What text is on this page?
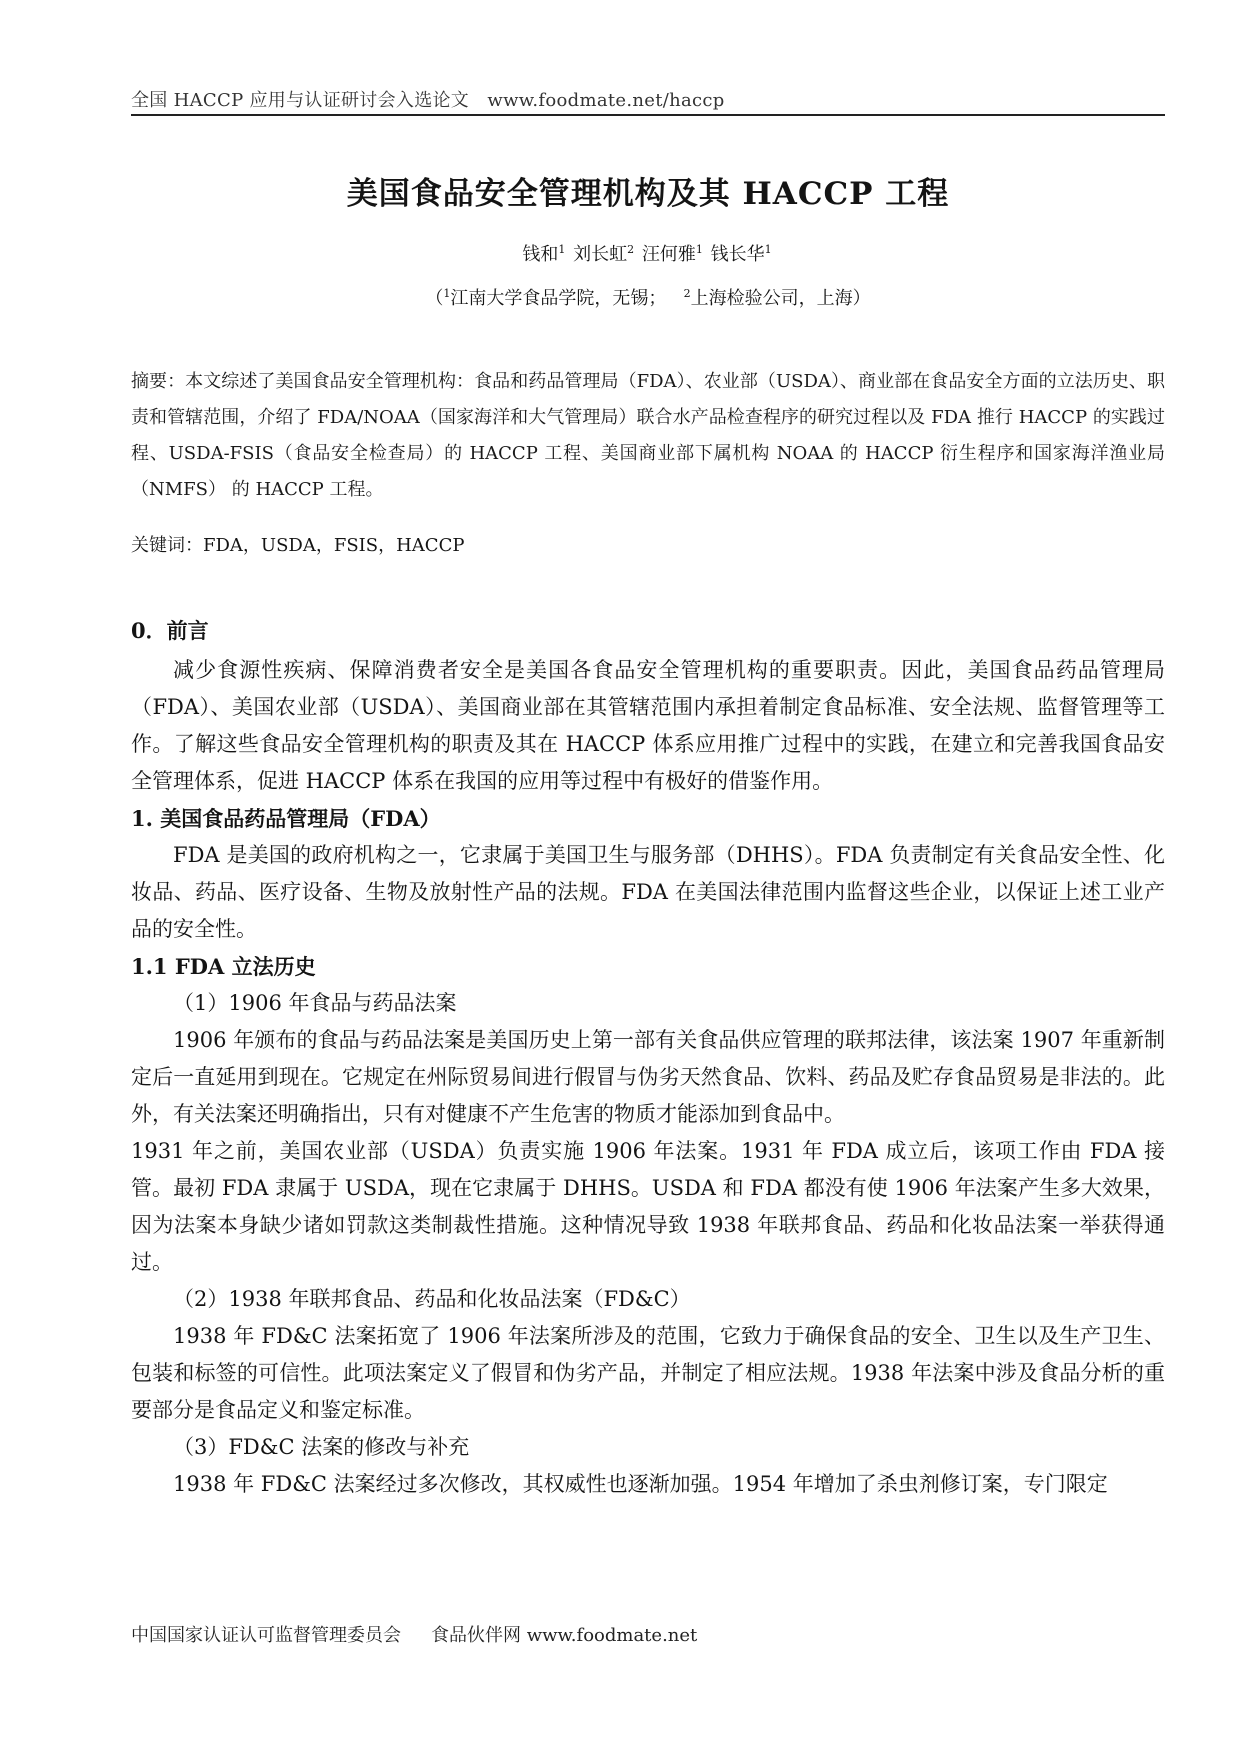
全国 HACCP 应用与认证研讨会入选论文　www.foodmate.net/haccp
美国食品安全管理机构及其 HACCP 工程
钱和$^1$ 刘长虹$^2$ 汪何雅$^1$ 钱长华$^1$
（$^1$江南大学食品学院，无锡； $^2$上海检验公司，上海）
摘要：本文综述了美国食品安全管理机构：食品和药品管理局（FDA）、农业部（USDA）、商业部在食品安全方面的立法历史、职责和管辖范围，介绍了 FDA/NOAA（国家海洋和大气管理局）联合水产品检查程序的研究过程以及 FDA 推行 HACCP 的实践过程、USDA-FSIS（食品安全检查局）的 HACCP 工程、美国商业部下属机构 NOAA 的 HACCP 衍生程序和国家海洋渔业局（NMFS） 的 HACCP 工程。
关键词：FDA，USDA，FSIS，HACCP

0．前言

减少食源性疾病、保障消费者安全是美国各食品安全管理机构的重要职责。因此，美国食品药品管理局（FDA）、美国农业部（USDA）、美国商业部在其管辖范围内承担着制定食品标准、安全法规、监督管理等工作。了解这些食品安全管理机构的职责及其在 HACCP 体系应用推广过程中的实践，在建立和完善我国食品安全管理体系，促进 HACCP 体系在我国的应用等过程中有极好的借鉴作用。

1. 美国食品药品管理局（FDA）

FDA 是美国的政府机构之一，它隶属于美国卫生与服务部（DHHS）。FDA 负责制定有关食品安全性、化妆品、药品、医疗设备、生物及放射性产品的法规。FDA 在美国法律范围内监督这些企业，以保证上述工业产品的安全性。

1.1 FDA 立法历史

（1）1906 年食品与药品法案

1906 年颁布的食品与药品法案是美国历史上第一部有关食品供应管理的联邦法律，该法案 1907 年重新制定后一直延用到现在。它规定在州际贸易间进行假冒与伪劣天然食品、饮料、药品及贮存食品贸易是非法的。此外，有关法案还明确指出，只有对健康不产生危害的物质才能添加到食品中。

1931 年之前，美国农业部（USDA）负责实施 1906 年法案。1931 年 FDA 成立后，该项工作由 FDA 接管。最初 FDA 隶属于 USDA，现在它隶属于 DHHS。USDA 和 FDA 都没有使 1906 年法案产生多大效果，因为法案本身缺少诸如罚款这类制裁性措施。这种情况导致 1938 年联邦食品、药品和化妆品法案一举获得通过。

（2）1938 年联邦食品、药品和化妆品法案（FD&C）

1938 年 FD&C 法案拓宽了 1906 年法案所涉及的范围，它致力于确保食品的安全、卫生以及生产卫生、包装和标签的可信性。此项法案定义了假冒和伪劣产品，并制定了相应法规。1938 年法案中涉及食品分析的重要部分是食品定义和鉴定标准。

（3）FD&C 法案的修改与补充

1938 年 FD&C 法案经过多次修改，其权威性也逐渐加强。1954 年增加了杀虫剂修订案，专门限定

中国国家认证认可监督管理委员会 食品伙伴网 www.foodmate.net
